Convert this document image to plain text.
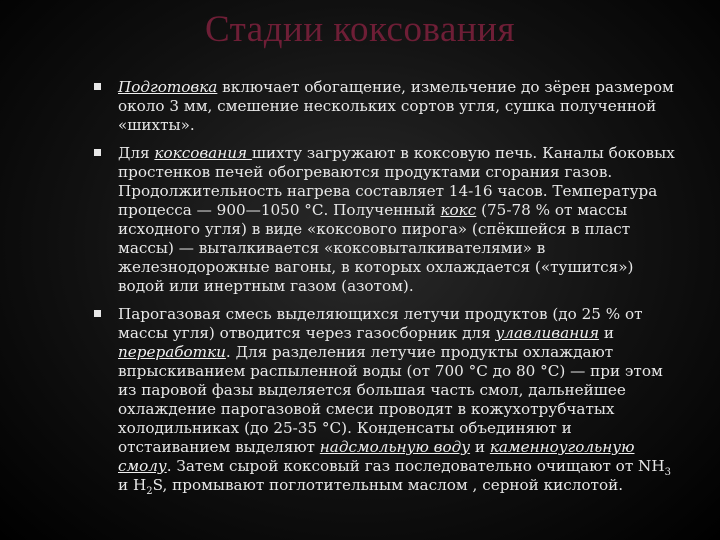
Стадии коксования
Подготовка включает обогащение, измельчение до зёрен размером около 3 мм, смешение нескольких сортов угля, сушка полученной «шихты».
Для коксования шихту загружают в коксовую печь. Каналы боковых простенков печей обогреваются продуктами сгорания газов. Продолжительность нагрева составляет 14-16 часов. Температура процесса — 900—1050 °С. Полученный кокс (75-78 % от массы исходного угля) в виде «коксового пирога» (спёкшейся в пласт массы) — выталкивается «коксовыталкивателями» в железнодорожные вагоны, в которых охлаждается («тушится») водой или инертным газом (азотом).
Парогазовая смесь выделяющихся летучи продуктов (до 25 % от массы угля) отводится через газосборник для улавливания и переработки. Для разделения летучие продукты охлаждают впрыскиванием распыленной воды (от 700 °С до 80 °С) — при этом из паровой фазы выделяется большая часть смол, дальнейшее охлаждение парогазовой смеси проводят в кожухотрубчатых холодильниках (до 25-35 °С). Конденсаты объединяют и отстаиванием выделяют надсмольную воду и каменноугольную смолу. Затем сырой коксовый газ последовательно очищают от $NH_3$ и $H_2S$, промывают поглотительным маслом , серной кислотой.
